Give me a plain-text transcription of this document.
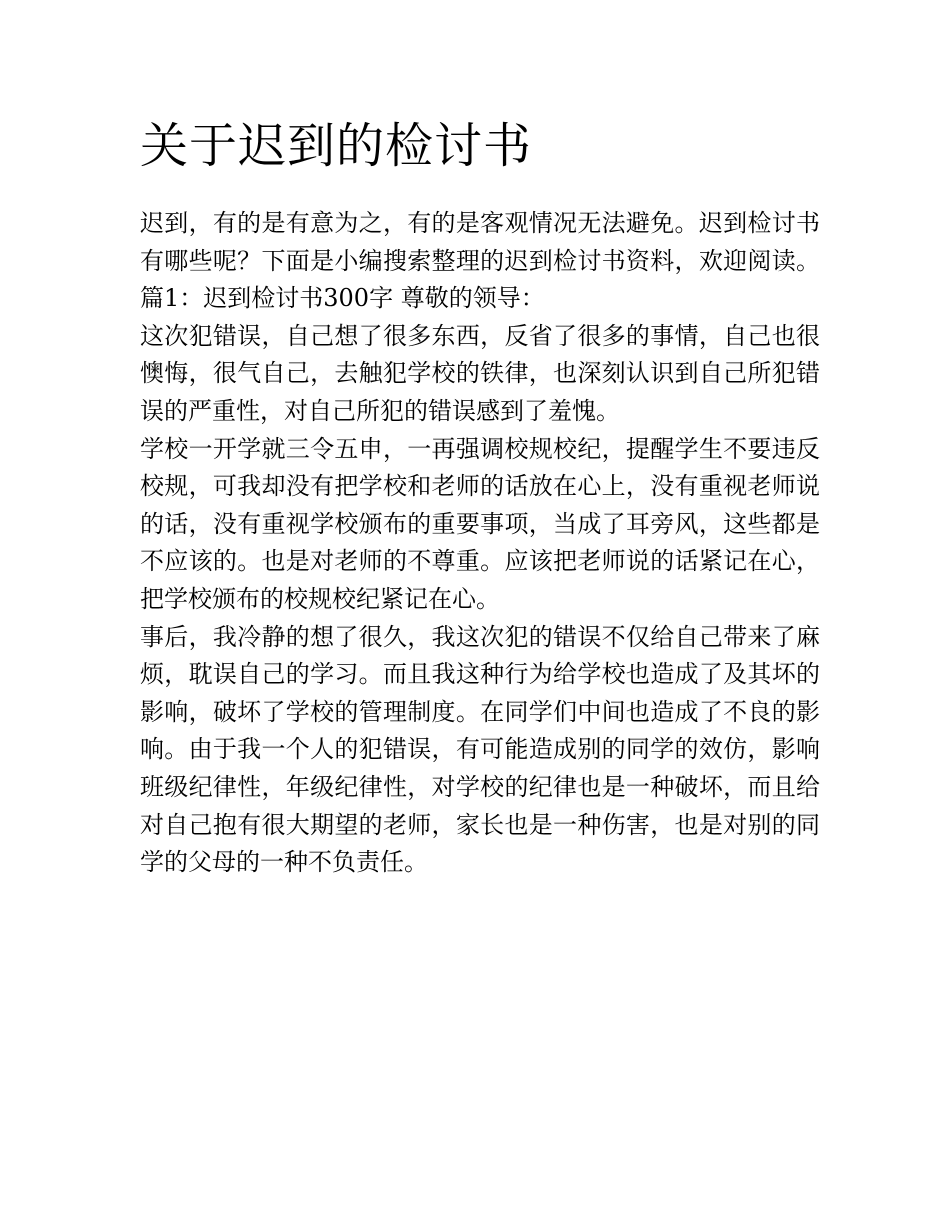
关于迟到的检讨书

迟到，有的是有意为之，有的是客观情况无法避免。迟到检讨书有哪些呢？下面是小编搜索整理的迟到检讨书资料，欢迎阅读。 篇1：迟到检讨书300字 尊敬的领导：

这次犯错误，自己想了很多东西，反省了很多的事情，自己也很懊悔，很气自己，去触犯学校的铁律，也深刻认识到自己所犯错误的严重性，对自己所犯的错误感到了羞愧。

学校一开学就三令五申，一再强调校规校纪，提醒学生不要违反校规，可我却没有把学校和老师的话放在心上，没有重视老师说的话，没有重视学校颁布的重要事项，当成了耳旁风，这些都是不应该的。也是对老师的不尊重。应该把老师说的话紧记在心，把学校颁布的校规校纪紧记在心。

事后，我冷静的想了很久，我这次犯的错误不仅给自己带来了麻烦，耽误自己的学习。而且我这种行为给学校也造成了及其坏的影响，破坏了学校的管理制度。在同学们中间也造成了不良的影响。由于我一个人的犯错误，有可能造成别的同学的效仿，影响班级纪律性，年级纪律性，对学校的纪律也是一种破坏，而且给对自己抱有很大期望的老师，家长也是一种伤害，也是对别的同学的父母的一种不负责任。
